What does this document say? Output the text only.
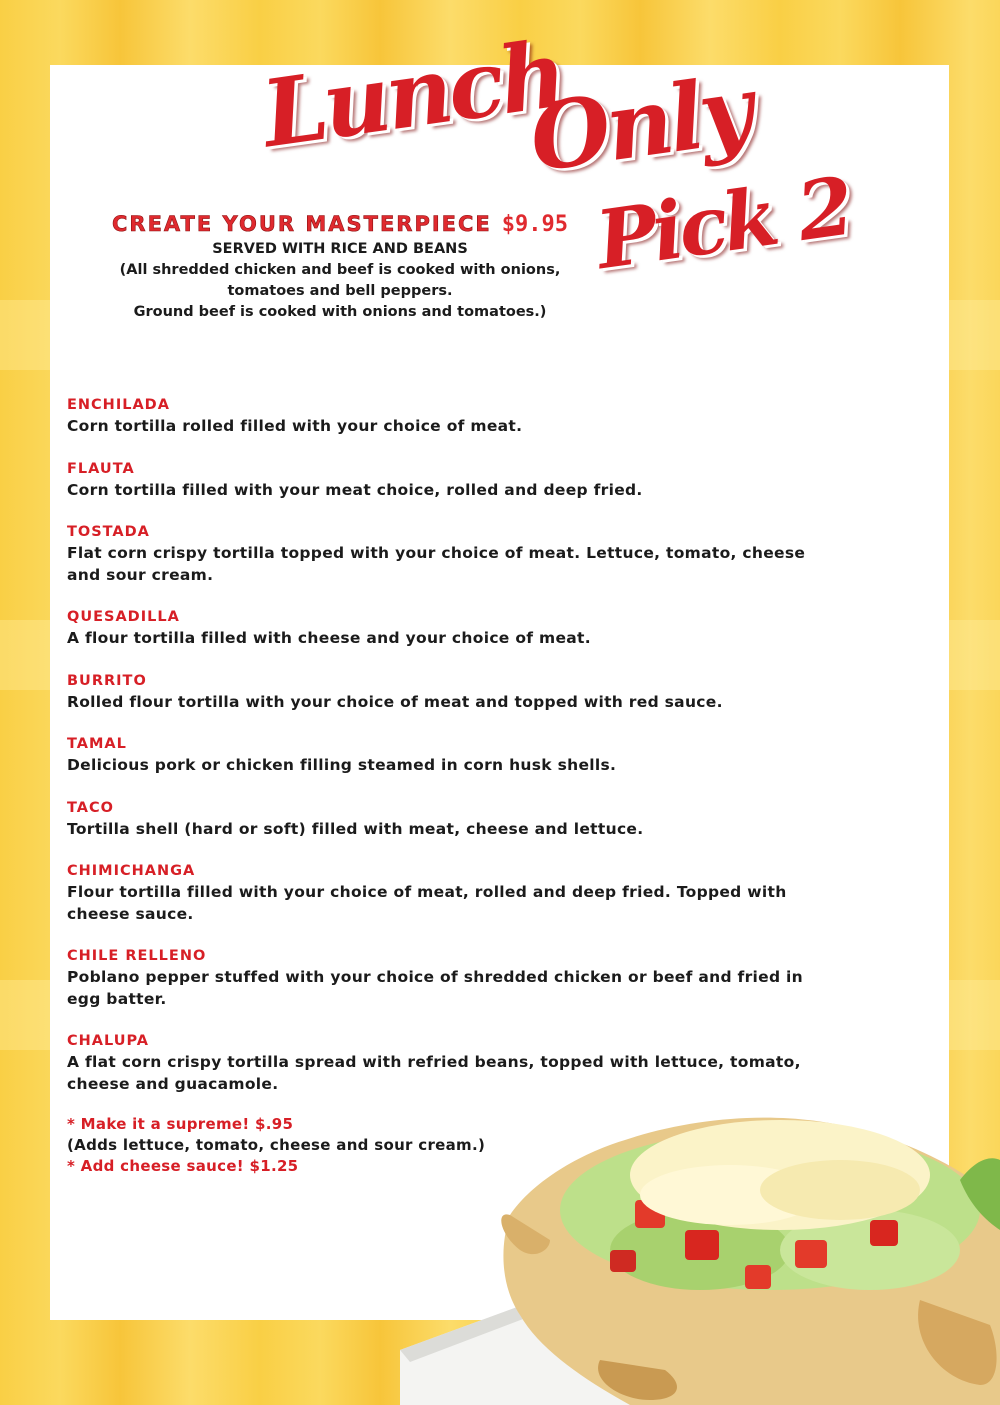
Lunch
Only
Pick 2
CREATE YOUR MASTERPIECE $9.95
SERVED WITH RICE AND BEANS
(All shredded chicken and beef is cooked with onions,
tomatoes and bell peppers.
Ground beef is cooked with onions and tomatoes.)
ENCHILADA
Corn tortilla rolled filled with your choice of meat.
FLAUTA
Corn tortilla filled with your meat choice, rolled and deep fried.
TOSTADA
Flat corn crispy tortilla topped with your choice of meat. Lettuce, tomato, cheese and sour cream.
QUESADILLA
A flour tortilla filled with cheese and your choice of meat.
BURRITO
Rolled flour tortilla with your choice of meat and topped with red sauce.
TAMAL
Delicious pork or chicken filling steamed in corn husk shells.
TACO
Tortilla shell (hard or soft) filled with meat, cheese and lettuce.
CHIMICHANGA
Flour tortilla filled with your choice of meat, rolled and deep fried. Topped with cheese sauce.
CHILE RELLENO
Poblano pepper stuffed with your choice of shredded chicken or beef and fried in egg batter.
CHALUPA
A flat corn crispy tortilla spread with refried beans, topped with lettuce, tomato, cheese and guacamole.
* Make it a supreme! $.95
(Adds lettuce, tomato, cheese and sour cream.)
* Add cheese sauce! $1.25
